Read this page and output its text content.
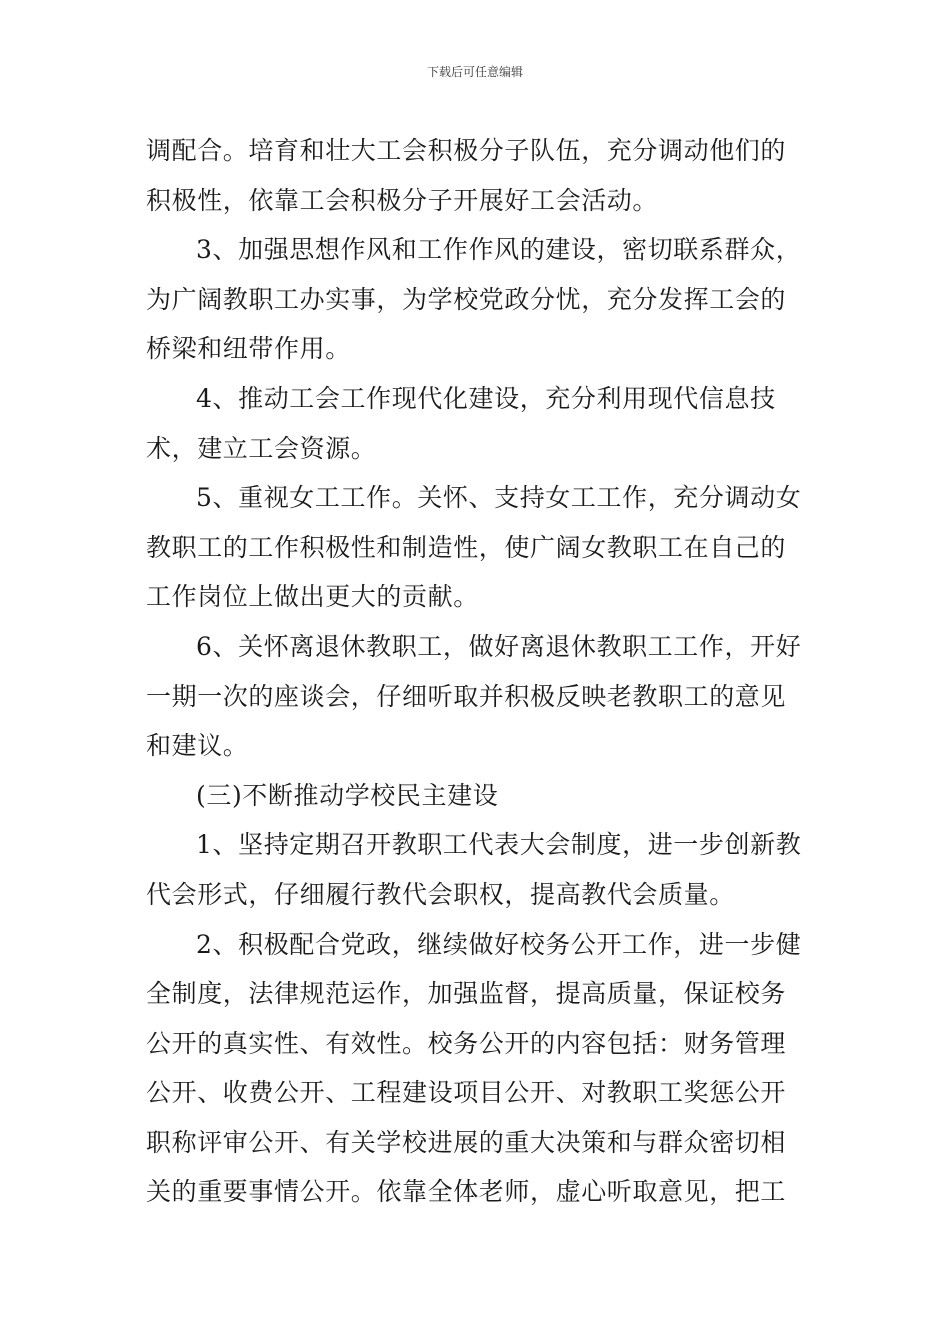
下载后可任意编辑

调配合。培育和壮大工会积极分子队伍，充分调动他们的积极性，依靠工会积极分子开展好工会活动。

3、加强思想作风和工作作风的建设，密切联系群众，为广阔教职工办实事，为学校党政分忧，充分发挥工会的桥梁和纽带作用。

4、推动工会工作现代化建设，充分利用现代信息技术，建立工会资源。

5、重视女工工作。关怀、支持女工工作，充分调动女教职工的工作积极性和制造性，使广阔女教职工在自己的工作岗位上做出更大的贡献。

6、关怀离退休教职工，做好离退休教职工工作，开好一期一次的座谈会，仔细听取并积极反映老教职工的意见和建议。

(三)不断推动学校民主建设

1、坚持定期召开教职工代表大会制度，进一步创新教代会形式，仔细履行教代会职权，提高教代会质量。

2、积极配合党政，继续做好校务公开工作，进一步健全制度，法律规范运作，加强监督，提高质量，保证校务公开的真实性、有效性。校务公开的内容包括：财务管理公开、收费公开、工程建设项目公开、对教职工奖惩公开职称评审公开、有关学校进展的重大决策和与群众密切相关的重要事情公开。依靠全体老师，虚心听取意见，把工
